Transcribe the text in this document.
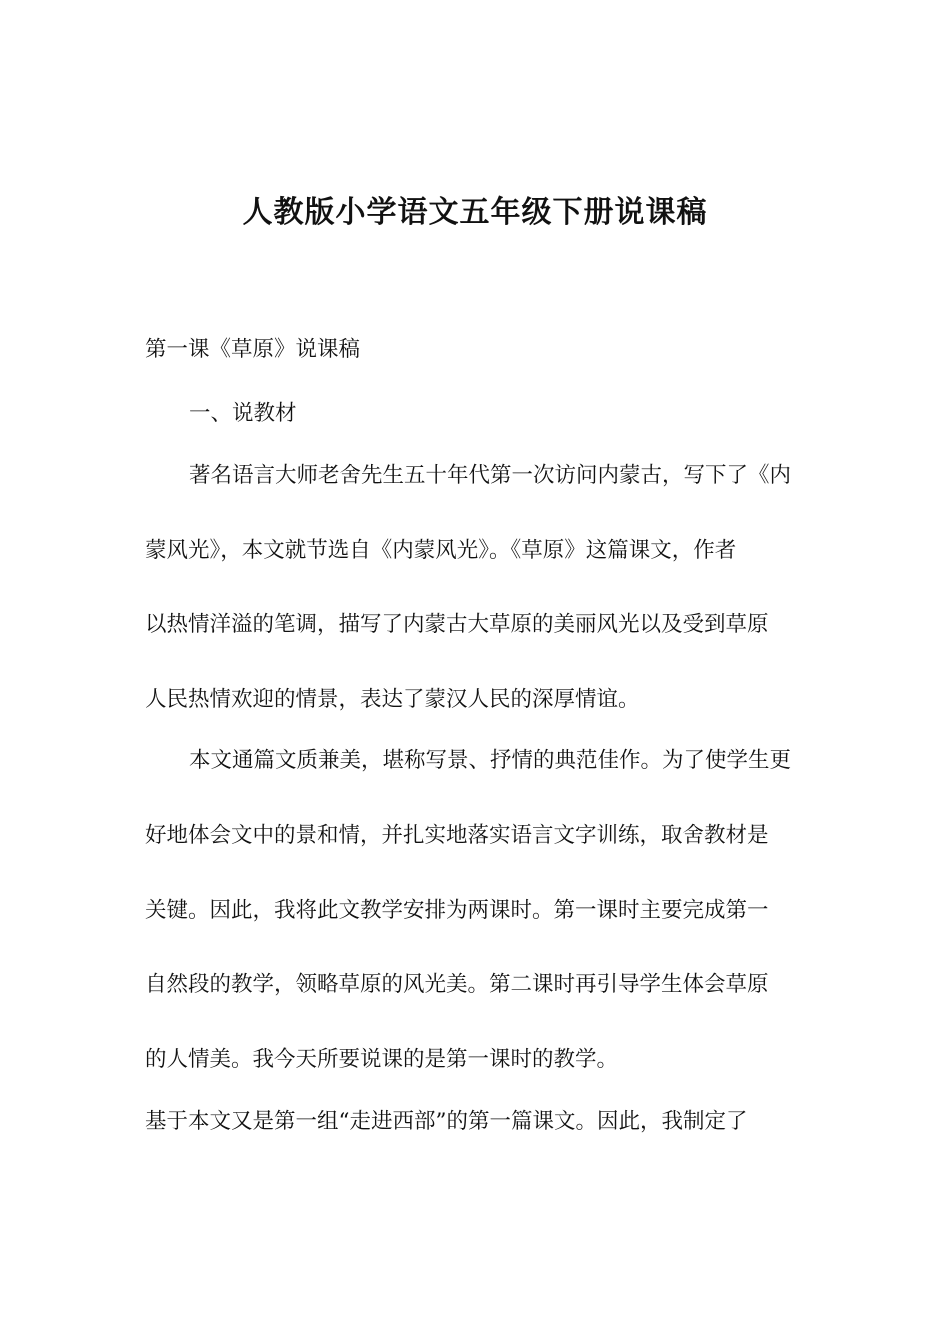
人教版小学语文五年级下册说课稿

第一课《草原》说课稿

一、说教材

著名语言大师老舍先生五十年代第一次访问内蒙古，写下了《内

蒙风光》，本文就节选自《内蒙风光》。《草原》这篇课文，作者

以热情洋溢的笔调，描写了内蒙古大草原的美丽风光以及受到草原

人民热情欢迎的情景，表达了蒙汉人民的深厚情谊。

本文通篇文质兼美，堪称写景、抒情的典范佳作。为了使学生更

好地体会文中的景和情，并扎实地落实语言文字训练，取舍教材是

关键。因此，我将此文教学安排为两课时。第一课时主要完成第一

自然段的教学，领略草原的风光美。第二课时再引导学生体会草原

的人情美。我今天所要说课的是第一课时的教学。

基于本文又是第一组“走进西部”的第一篇课文。因此，我制定了
